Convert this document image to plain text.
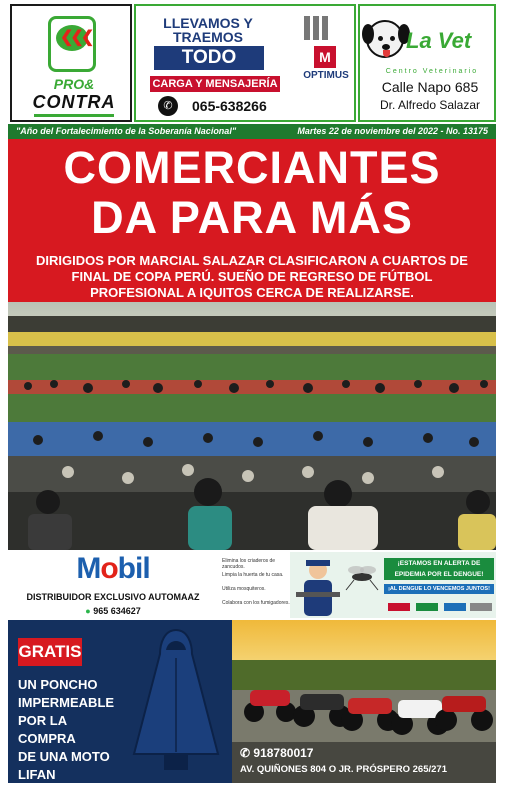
❮❮❮
PRO&
CONTRA
LLEVAMOS Y
TRAEMOS
TODO
CARGA Y MENSAJERÍA
✆	065-638266
M
OPTIMUS
La Vet
Centro Veterinario
Calle Napo 685
Dr. Alfredo Salazar
"Año del Fortalecimiento de la Soberanía Nacional"	Martes 22 de noviembre del 2022 - No. 13175
COMERCIANTES
DA PARA MÁS
DIRIGIDOS POR MARCIAL SALAZAR CLASIFICARON A CUARTOS DE FINAL DE COPA PERÚ. SUEÑO DE REGRESO DE FÚTBOL PROFESIONAL A IQUITOS CERCA DE REALIZARSE.
Mobil
DISTRIBUIDOR EXCLUSIVO AUTOMAAZ
● 965 634627
Elimina los criaderos de zancudos.
Limpia la huerta de tu casa.
Utiliza mosquiteros.
Colabora con los fumigadores.
¡ESTAMOS EN ALERTA DE EPIDEMIA POR EL DENGUE!
¡AL DENGUE LO VENCEMOS JUNTOS!
GRATIS
UN PONCHO
IMPERMEABLE
POR LA COMPRA
DE UNA MOTO LIFAN
✆ 918780017
AV. QUIÑONES 804 O JR. PRÓSPERO 265/271
